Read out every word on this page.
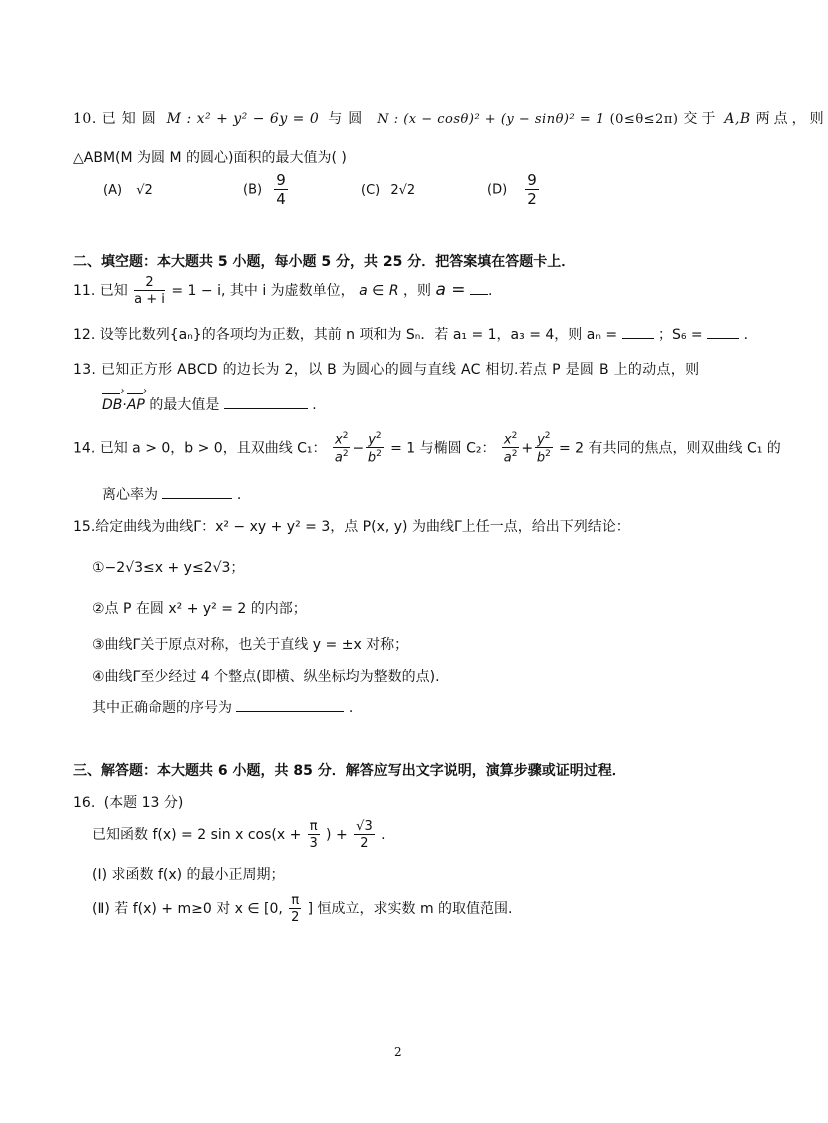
10. 已知圆 M : x² + y² − 6y = 0 与圆 N : (x − cosθ)² + (y − sinθ)² = 1 (0≤θ≤2π) 交于 A,B 两点，则
△ABM(M 为圆 M 的圆心)面积的最大值为( )
(A) √2	$(B) \frac{9}{4}$	(C) 2√2	$(D) \frac{9}{2}$
二、填空题：本大题共 5 小题，每小题 5 分，共 25 分．把答案填在答题卡上．
11. 已知 $\frac{2}{a + i} = 1 - i$, 其中 i 为虚数单位， a ∈ R ，则 a = .
12. 设等比数列{aₙ}的各项均为正数，其前 n 项和为 Sₙ．若 a₁ = 1，a₃ = 4，则 aₙ =	；S₆ =	.
13. 已知正方形 ABCD 的边长为 2，以 B 为圆心的圆与直线 AC 相切.若点 P 是圆 B 上的动点，则
DB ›·AP › 的最大值是	.
14. 已知 a > 0，b > 0，且双曲线 C₁： $\frac{x^2}{a^2} - \frac{y^2}{b^2} = 1$ 与椭圆 C₂： $\frac{x^2}{a^2} + \frac{y^2}{b^2} = 2$ 有共同的焦点，则双曲线 C₁ 的
离心率为	.
15.给定曲线为曲线Γ：x² − xy + y² = 3，点 P(x, y) 为曲线Γ上任一点，给出下列结论：
①−2√3≤x + y≤2√3；
②点 P 在圆 x² + y² = 2 的内部；
③曲线Γ关于原点对称，也关于直线 y = ±x 对称；
④曲线Γ至少经过 4 个整点(即横、纵坐标均为整数的点).
其中正确命题的序号为	.
三、解答题：本大题共 6 小题，共 85 分．解答应写出文字说明，演算步骤或证明过程．
16. (本题 13 分)
已知函数 f(x) = 2 sin x $\cos(x + \frac{\pi}{3}$ ) + $\frac{√3}{2}$ .
(Ⅰ) 求函数 f(x) 的最小正周期；
(Ⅱ) 若 f(x) + m≥0 对 x ∈ [0, $\frac{\pi}{2}$ ] 恒成立，求实数 m 的取值范围.
2
